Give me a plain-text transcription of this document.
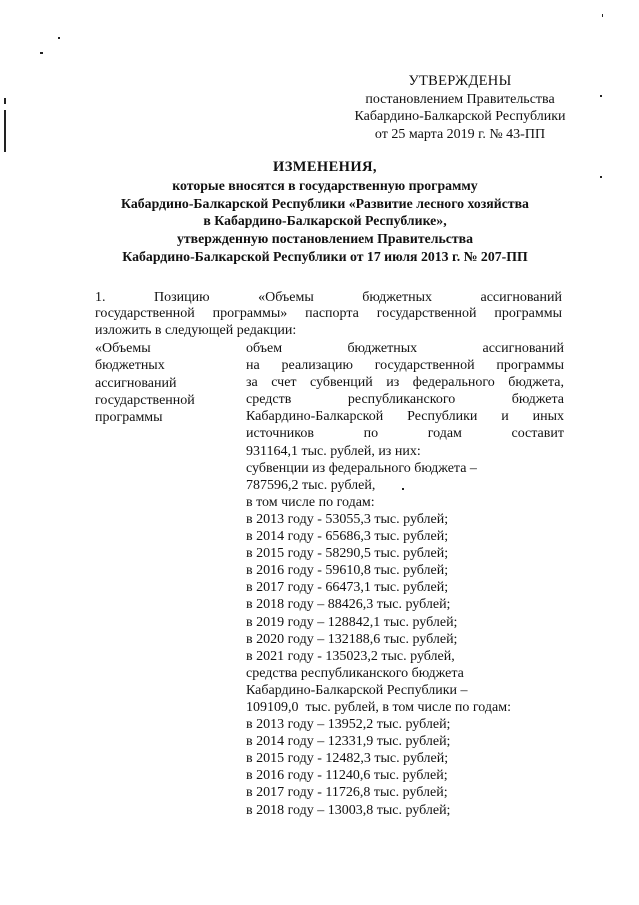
УТВЕРЖДЕНЫ
постановлением Правительства
Кабардино-Балкарской Республики
от 25 марта 2019 г. № 43-ПП
ИЗМЕНЕНИЯ,
которые вносятся в государственную программу
Кабардино-Балкарской Республики «Развитие лесного хозяйства
в Кабардино-Балкарской Республике»,
утвержденную постановлением Правительства
Кабардино-Балкарской Республики от 17 июля 2013 г. № 207-ПП
1.      Позицию      «Объемы      бюджетных      ассигнований
государственной программы» паспорта государственной программы
изложить в следующей редакции:
«Объемы
бюджетных
ассигнований
государственной
программы
объем        бюджетных        ассигнований
на реализацию государственной программы
за счет субвенций из федерального бюджета,
средств        республиканского        бюджета
Кабардино-Балкарской   Республики   и   иных
источников         по         годам         составит
931164,1 тыс. рублей, из них:
субвенции из федерального бюджета –
787596,2 тыс. рублей,
в том числе по годам:
в 2013 году - 53055,3 тыс. рублей;
в 2014 году - 65686,3 тыс. рублей;
в 2015 году - 58290,5 тыс. рублей;
в 2016 году - 59610,8 тыс. рублей;
в 2017 году - 66473,1 тыс. рублей;
в 2018 году – 88426,3 тыс. рублей;
в 2019 году – 128842,1 тыс. рублей;
в 2020 году – 132188,6 тыс. рублей;
в 2021 году - 135023,2 тыс. рублей,
средства республиканского бюджета
Кабардино-Балкарской Республики –
109109,0  тыс. рублей, в том числе по годам:
в 2013 году – 13952,2 тыс. рублей;
в 2014 году – 12331,9 тыс. рублей;
в 2015 году - 12482,3 тыс. рублей;
в 2016 году - 11240,6 тыс. рублей;
в 2017 году - 11726,8 тыс. рублей;
в 2018 году – 13003,8 тыс. рублей;
